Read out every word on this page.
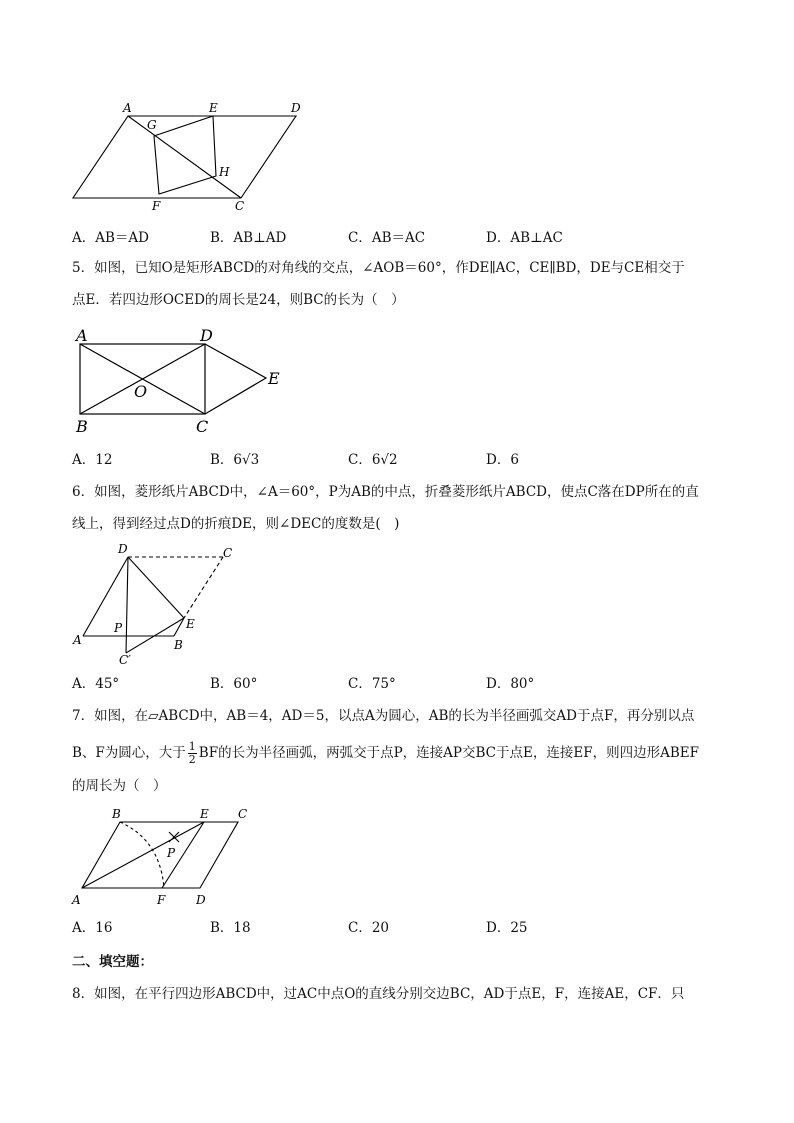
A	E	D
G
H
F	C
A．AB＝AD	B．AB⊥AD	C．AB＝AC	D．AB⊥AC
5．如图，已知O是矩形ABCD的对角线的交点，∠AOB＝60°，作DE∥AC，CE∥BD，DE与CE相交于
点E．若四边形OCED的周长是24，则BC的长为（　）
A	D
E
O
B	C
A．12	B．6√3	C．6√2	D．6
6．如图，菱形纸片ABCD中，∠A＝60°，P为AB的中点，折叠菱形纸片ABCD，使点C落在DP所在的直
线上，得到经过点D的折痕DE，则∠DEC的度数是(　)
D	C
P	E
A	B
C′
A．45°	B．60°	C．75°	D．80°
7．如图，在▱ABCD中，AB＝4，AD＝5，以点A为圆心，AB的长为半径画弧交AD于点F，再分别以点
B、F为圆心，大于 $\frac{1}{2}$ BF的长为半径画弧，两弧交于点P，连接AP交BC于点E，连接EF，则四边形ABEF
的周长为（　）
B	E C
P
A	F	D
A．16	B．18	C．20	D．25
二、填空题：
8．如图，在平行四边形ABCD中，过AC中点O的直线分别交边BC，AD于点E，F，连接AE，CF．只
